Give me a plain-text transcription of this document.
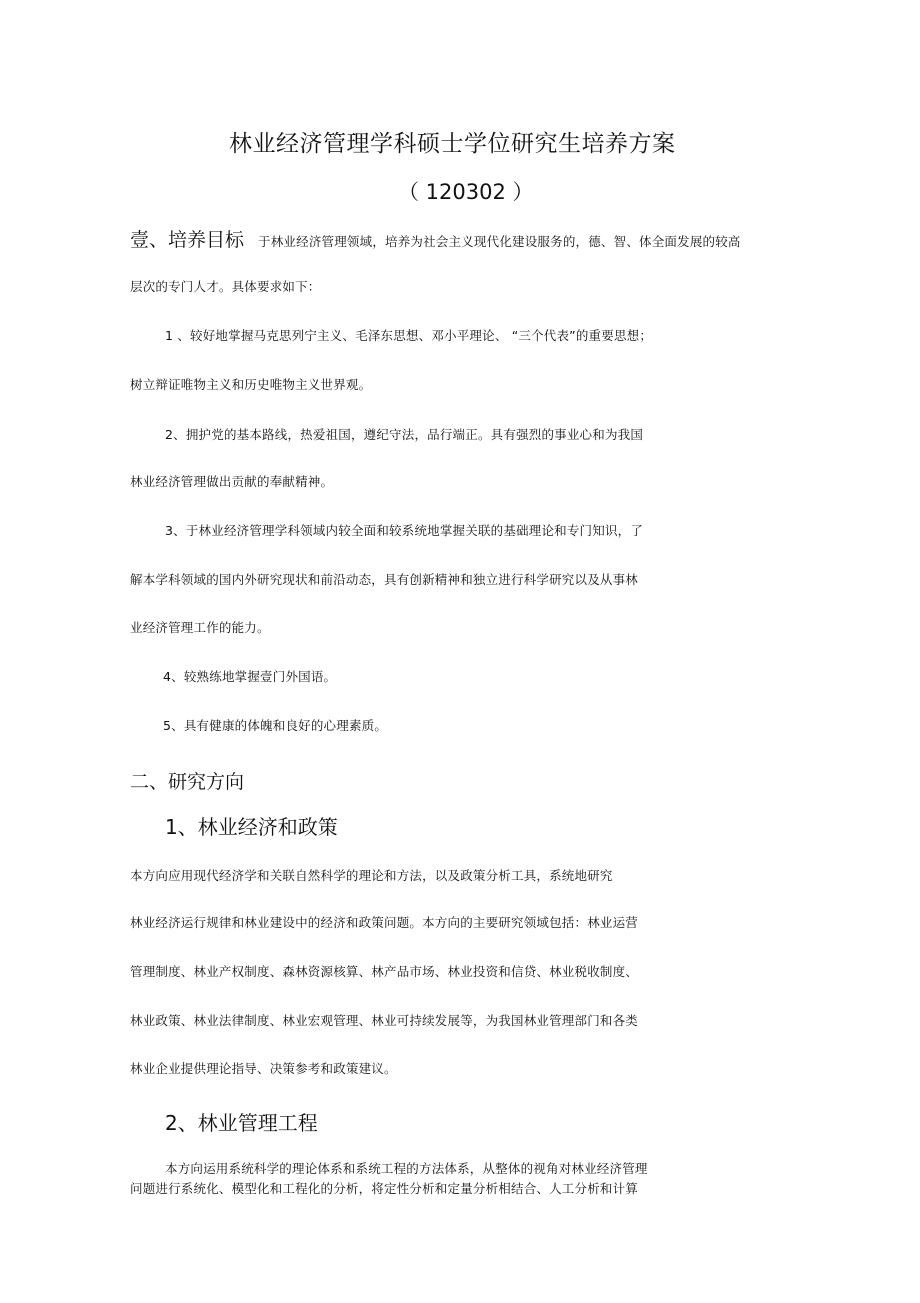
林业经济管理学科硕士学位研究生培养方案
（ 120302 ）
壹、培养目标 于林业经济管理领域，培养为社会主义现代化建设服务的，德、智、体全面发展的较高
层次的专门人才。具体要求如下：
1 、较好地掌握马克思列宁主义、毛泽东思想、邓小平理论、 “三个代表”的重要思想；
树立辩证唯物主义和历史唯物主义世界观。
2、拥护党的基本路线，热爱祖国，遵纪守法，品行端正。具有强烈的事业心和为我国
林业经济管理做出贡献的奉献精神。
3、于林业经济管理学科领域内较全面和较系统地掌握关联的基础理论和专门知识，了
解本学科领域的国内外研究现状和前沿动态，具有创新精神和独立进行科学研究以及从事林
业经济管理工作的能力。
4、较熟练地掌握壹门外国语。
5、具有健康的体魄和良好的心理素质。
二、研究方向
1、林业经济和政策
本方向应用现代经济学和关联自然科学的理论和方法，以及政策分析工具，系统地研究
林业经济运行规律和林业建设中的经济和政策问题。本方向的主要研究领域包括：林业运营
管理制度、林业产权制度、森林资源核算、林产品市场、林业投资和信贷、林业税收制度、
林业政策、林业法律制度、林业宏观管理、林业可持续发展等，为我国林业管理部门和各类
林业企业提供理论指导、决策参考和政策建议。
2、林业管理工程
本方向运用系统科学的理论体系和系统工程的方法体系，从整体的视角对林业经济管理
问题进行系统化、模型化和工程化的分析，将定性分析和定量分析相结合、人工分析和计算
